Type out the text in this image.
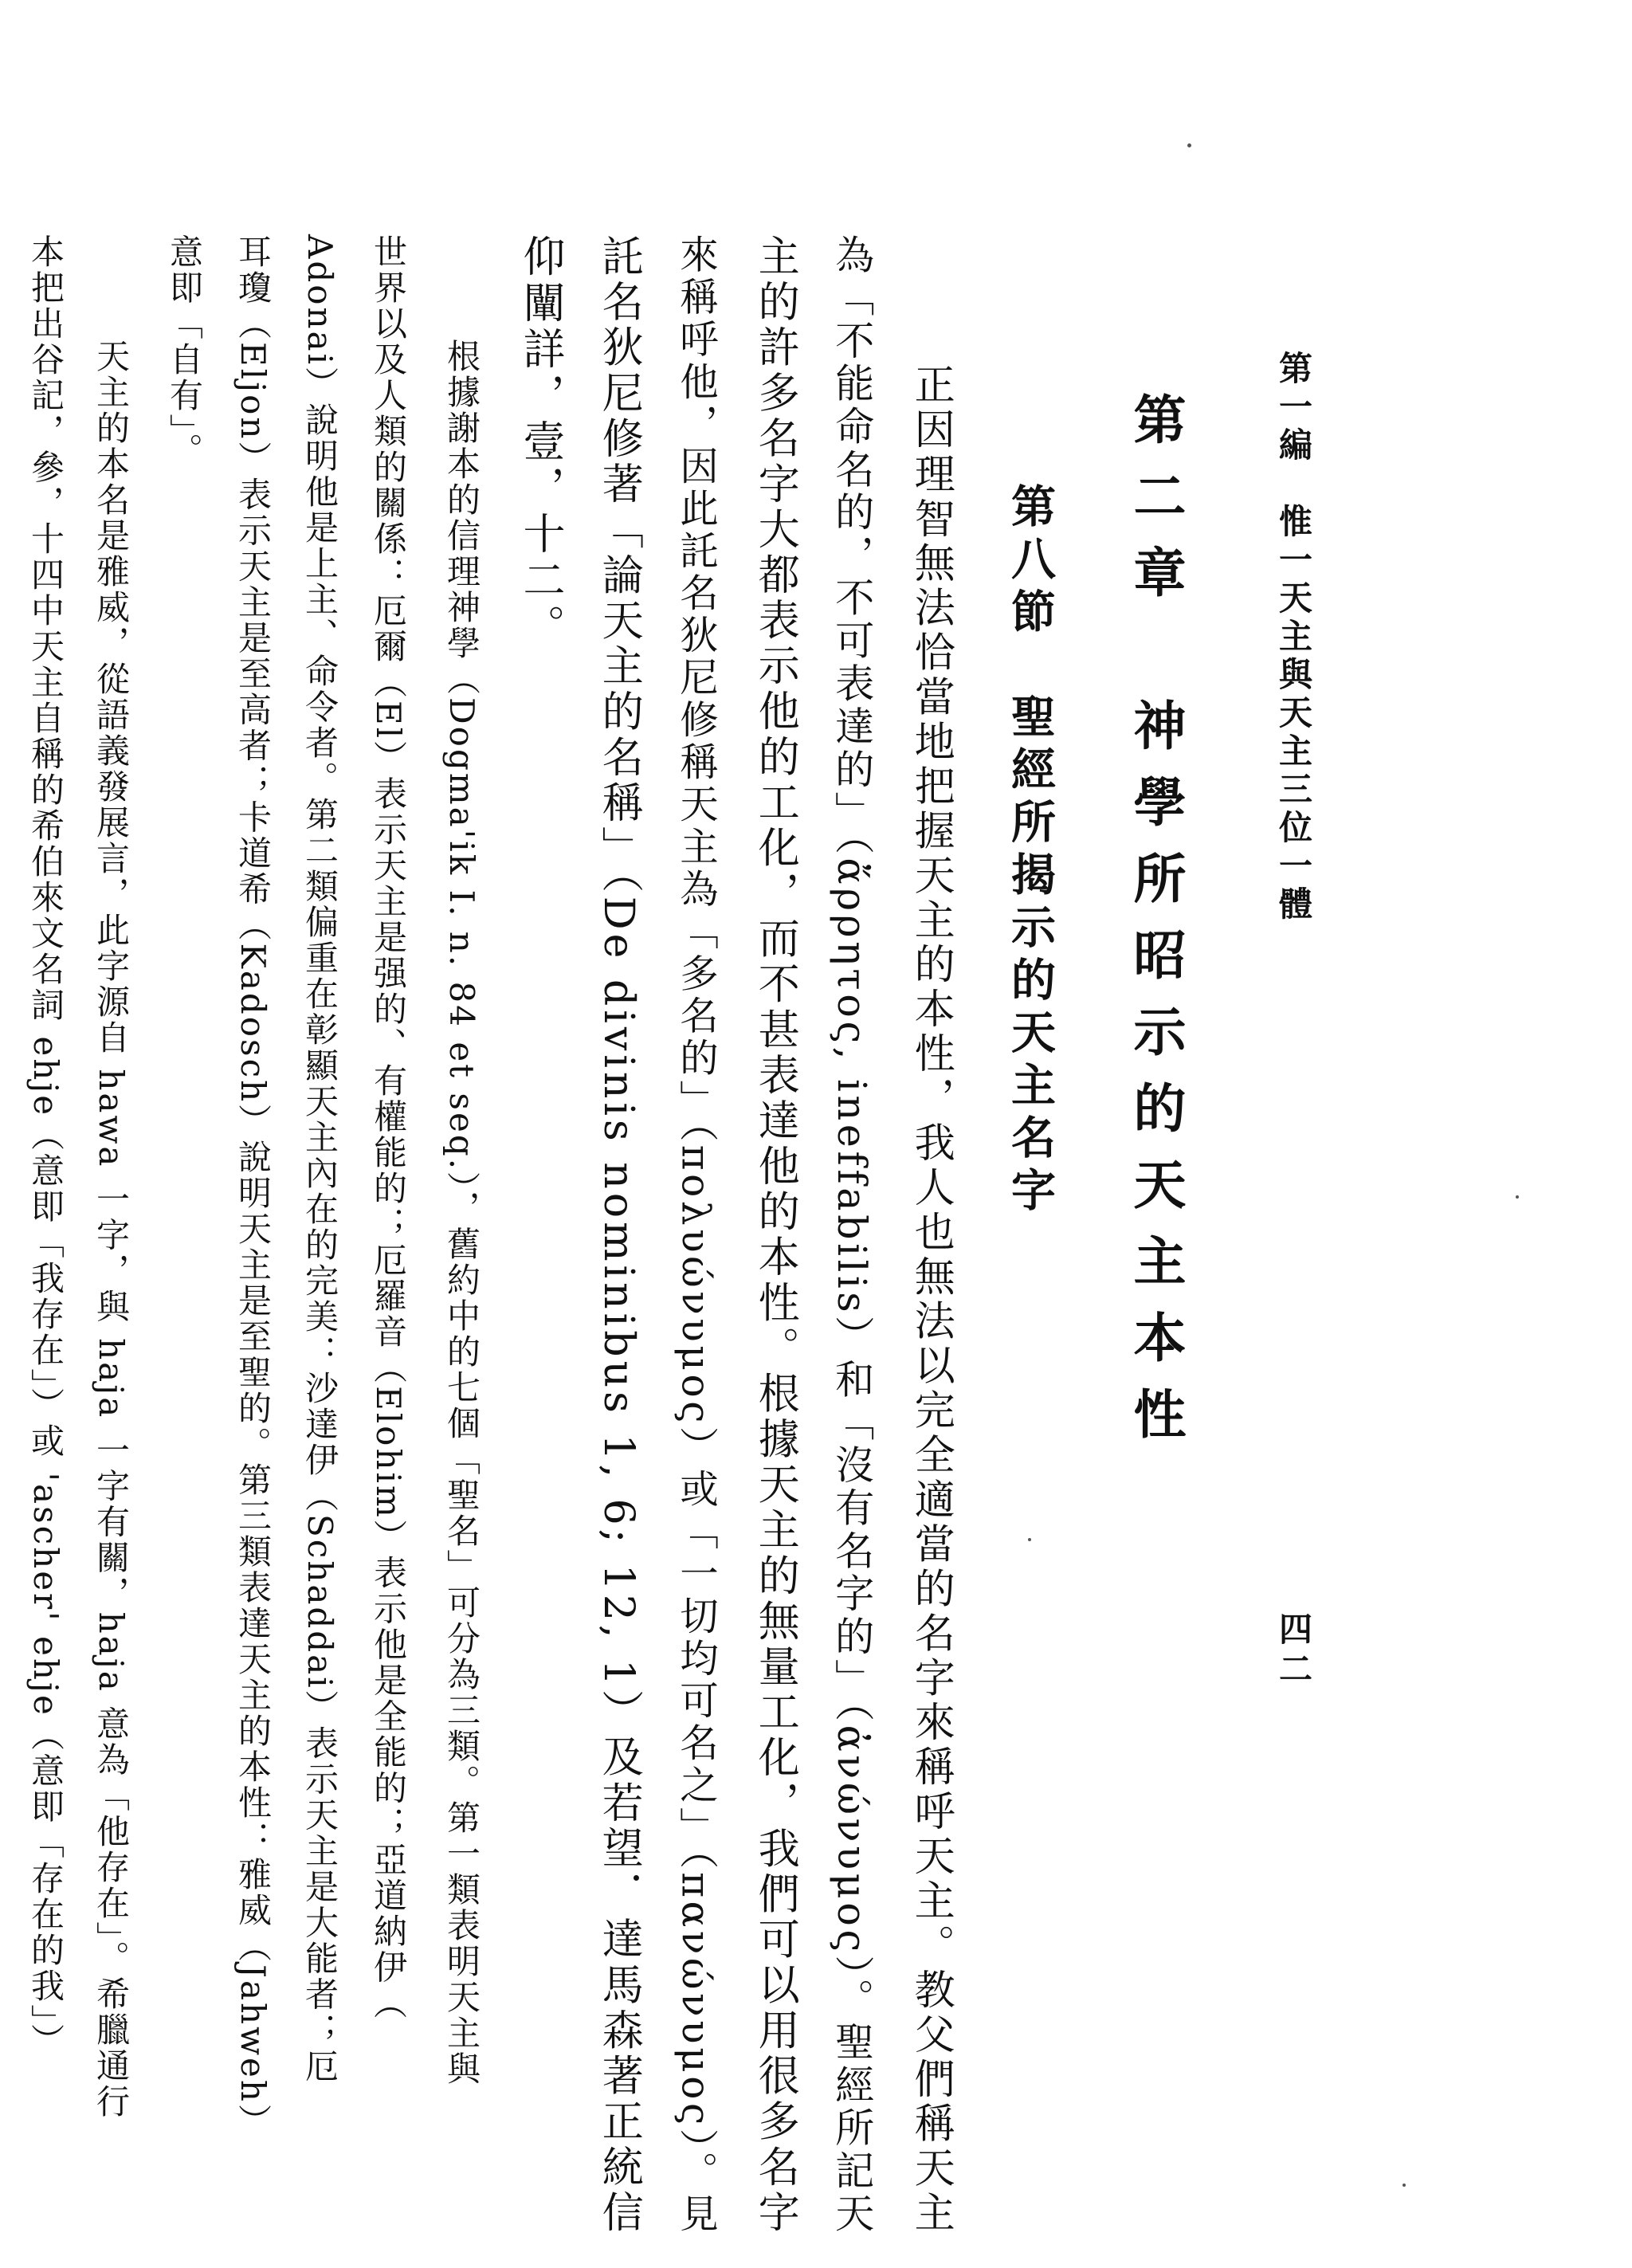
第一編　惟一天主與天主三位一體
四二
第二章　神學所昭示的天主本性
第八節　聖經所揭示的天主名字
　正因理智無法恰當地把握天主的本性，我人也無法以完全適當的名字來稱呼天主。教父們稱天主
為「不能命名的，不可表達的」（ἄρρητος, ineffabilis）和「沒有名字的」（ἀνώνυμος）。聖經所記天
主的許多名字大都表示他的工化，而不甚表達他的本性。根據天主的無量工化，我們可以用很多名字
來稱呼他，因此託名狄尼修稱天主為「多名的」（πολυώνυμος）或「一切均可名之」（πανώνυμος）。見
託名狄尼修著「論天主的名稱」（De divinis nominibus 1, 6; 12, 1）及若望．達馬森著正統信
仰闡詳，壹，十二。
　根據謝本的信理神學（Dogma'ik I. n. 84 et seq.），舊約中的七個「聖名」可分為三類。第一類表明天主與
世界以及人類的關係：厄爾（El）表示天主是强的、有權能的；厄羅音（Elohim）表示他是全能的；亞道納伊（
Adonai）說明他是上主、命令者。第二類偏重在彰顯天主內在的完美：沙達伊（Schaddai）表示天主是大能者；厄
耳瓊（Eljon）表示天主是至高者；卡道希（Kadosch）說明天主是至聖的。第三類表達天主的本性：雅威（Jahweh）
意即「自有」。
　天主的本名是雅威，從語義發展言，此字源自 hawa 一字，與 haja 一字有關，haja 意為「他存在」。希臘通行
本把出谷記，參，十四中天主自稱的希伯來文名詞 ehje（意即「我存在」）或 'ascher' ehje（意即「存在的我」）
